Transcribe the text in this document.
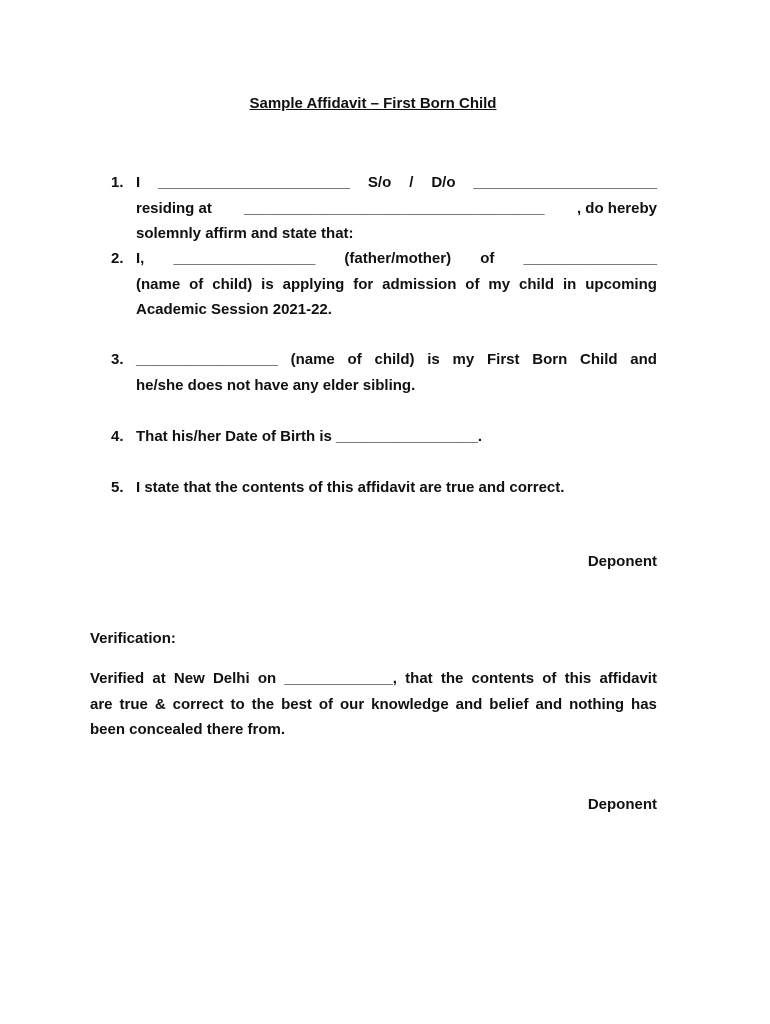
Sample Affidavit – First Born Child
1. I _______________________ S/o / D/o ______________________
residing at ____________________________________ , do hereby
solemnly affirm and state that:
2. I, _________________ (father/mother) of ________________
(name of child) is applying for admission of my child in upcoming
Academic Session 2021-22.
3. _________________ (name of child) is my First Born Child and
he/she does not have any elder sibling.
4. That his/her Date of Birth is _________________.
5. I state that the contents of this affidavit are true and correct.
Deponent
Verification:
Verified at New Delhi on _____________, that the contents of this affidavit
are true & correct to the best of our knowledge and belief and nothing has
been concealed there from.
Deponent
